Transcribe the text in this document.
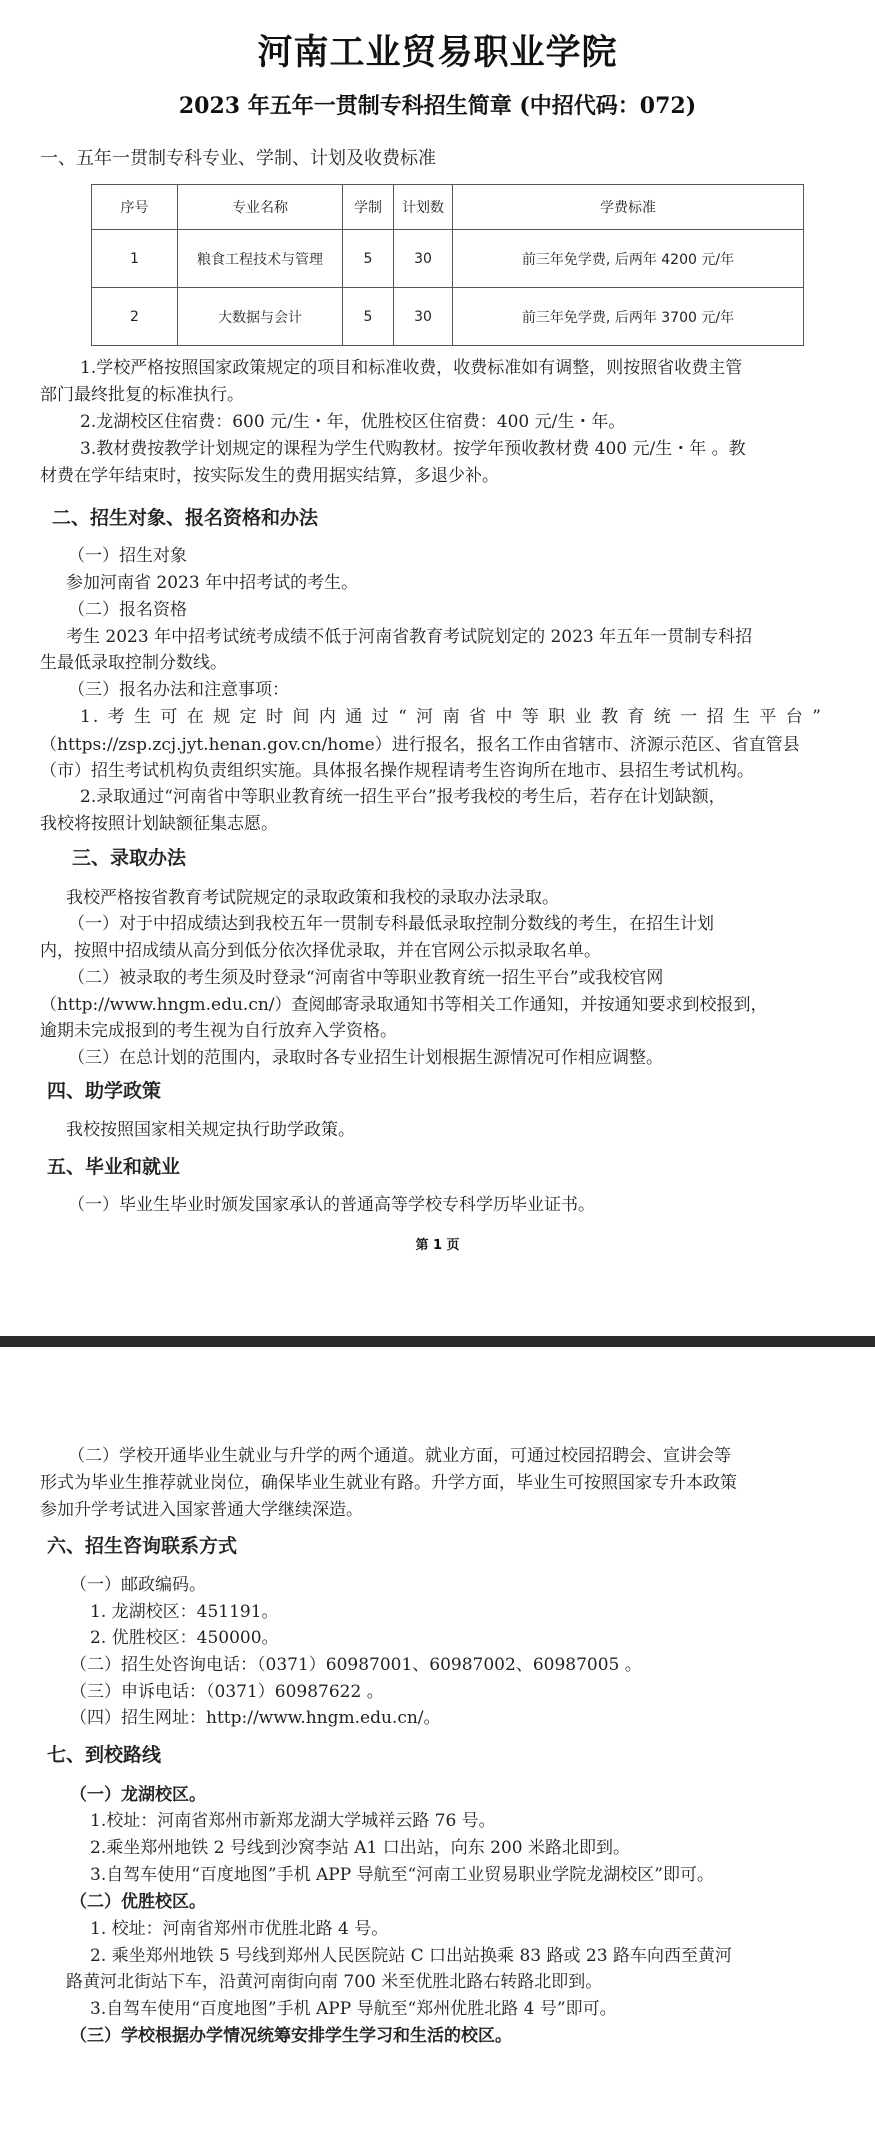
河南工业贸易职业学院
2023 年五年一贯制专科招生简章 (中招代码：072)
一、五年一贯制专科专业、学制、计划及收费标准
序号	专业名称	学制	计划数	学费标准
1	粮食工程技术与管理	5	30	前三年免学费, 后两年 4200 元/年
2	大数据与会计	5	30	前三年免学费, 后两年 3700 元/年
1.学校严格按照国家政策规定的项目和标准收费，收费标准如有调整，则按照省收费主管
部门最终批复的标准执行。
2.龙湖校区住宿费：600 元/生・年，优胜校区住宿费：400 元/生・年。
3.教材费按教学计划规定的课程为学生代购教材。按学年预收教材费 400 元/生・年 。教
材费在学年结束时，按实际发生的费用据实结算，多退少补。
二、招生对象、报名资格和办法
（一）招生对象
参加河南省 2023 年中招考试的考生。
（二）报名资格
考生 2023 年中招考试统考成绩不低于河南省教育考试院划定的 2023 年五年一贯制专科招
生最低录取控制分数线。
（三）报名办法和注意事项：
1. 考 生 可 在 规 定 时 间 内 通 过 “ 河 南 省 中 等 职 业 教 育 统 一 招 生 平 台 ”
（https://zsp.zcj.jyt.henan.gov.cn/home）进行报名，报名工作由省辖市、济源示范区、省直管县
（市）招生考试机构负责组织实施。具体报名操作规程请考生咨询所在地市、县招生考试机构。
2.录取通过“河南省中等职业教育统一招生平台”报考我校的考生后，若存在计划缺额，
我校将按照计划缺额征集志愿。
三、录取办法
我校严格按省教育考试院规定的录取政策和我校的录取办法录取。
（一）对于中招成绩达到我校五年一贯制专科最低录取控制分数线的考生，在招生计划
内，按照中招成绩从高分到低分依次择优录取，并在官网公示拟录取名单。
（二）被录取的考生须及时登录“河南省中等职业教育统一招生平台”或我校官网
（http://www.hngm.edu.cn/）查阅邮寄录取通知书等相关工作通知，并按通知要求到校报到，
逾期未完成报到的考生视为自行放弃入学资格。
（三）在总计划的范围内，录取时各专业招生计划根据生源情况可作相应调整。
四、助学政策
我校按照国家相关规定执行助学政策。
五、毕业和就业
（一）毕业生毕业时颁发国家承认的普通高等学校专科学历毕业证书。
第 1 页
（二）学校开通毕业生就业与升学的两个通道。就业方面，可通过校园招聘会、宣讲会等
形式为毕业生推荐就业岗位，确保毕业生就业有路。升学方面，毕业生可按照国家专升本政策
参加升学考试进入国家普通大学继续深造。
六、招生咨询联系方式
（一）邮政编码。
1. 龙湖校区：451191。
2. 优胜校区：450000。
（二）招生处咨询电话：（0371）60987001、60987002、60987005 。
（三）申诉电话：（0371）60987622 。
（四）招生网址：http://www.hngm.edu.cn/。
七、到校路线
（一）龙湖校区。
1.校址：河南省郑州市新郑龙湖大学城祥云路 76 号。
2.乘坐郑州地铁 2 号线到沙窝李站 A1 口出站，向东 200 米路北即到。
3.自驾车使用“百度地图”手机 APP 导航至“河南工业贸易职业学院龙湖校区”即可。
（二）优胜校区。
1. 校址：河南省郑州市优胜北路 4 号。
2. 乘坐郑州地铁 5 号线到郑州人民医院站 C 口出站换乘 83 路或 23 路车向西至黄河
路黄河北街站下车，沿黄河南街向南 700 米至优胜北路右转路北即到。
3.自驾车使用“百度地图”手机 APP 导航至“郑州优胜北路 4 号”即可。
（三）学校根据办学情况统筹安排学生学习和生活的校区。
